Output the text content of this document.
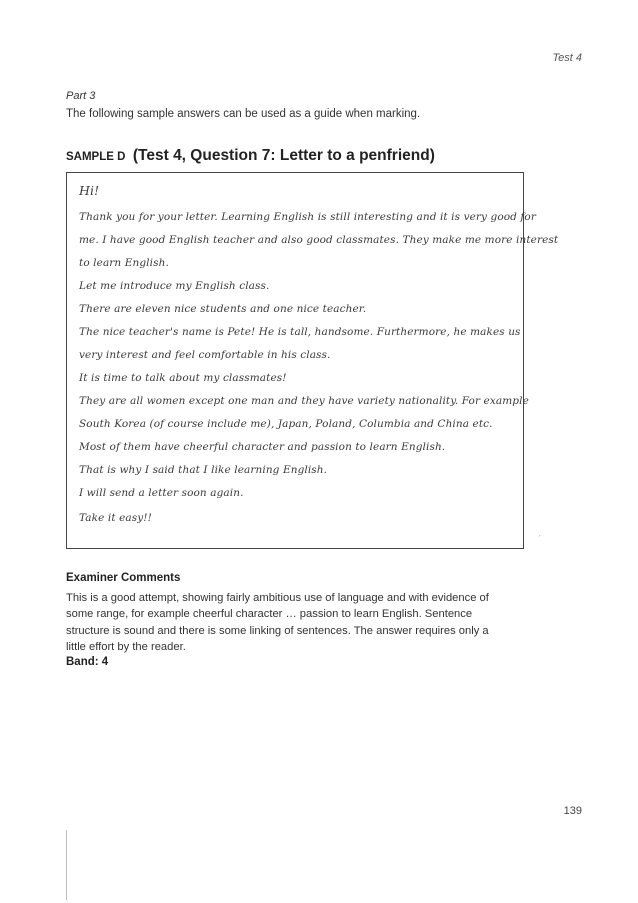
Test 4
Part 3
The following sample answers can be used as a guide when marking.
SAMPLE D (Test 4, Question 7: Letter to a penfriend)
Hi!
Thank you for your letter. Learning English is still interesting and it is very good for
me. I have good English teacher and also good classmates. They make me more interest
to learn English.
Let me introduce my English class.
There are eleven nice students and one nice teacher.
The nice teacher's name is Pete! He is tall, handsome. Furthermore, he makes us
very interest and feel comfortable in his class.
It is time to talk about my classmates!
They are all women except one man and they have variety nationality. For example
South Korea (of course include me), Japan, Poland, Columbia and China etc.
Most of them have cheerful character and passion to learn English.
That is why I said that I like learning English.
I will send a letter soon again.
Take it easy!!
ˊ
Examiner Comments
This is a good attempt, showing fairly ambitious use of language and with evidence of
some range, for example cheerful character … passion to learn English. Sentence
structure is sound and there is some linking of sentences. The answer requires only a
little effort by the reader.
Band: 4
139
